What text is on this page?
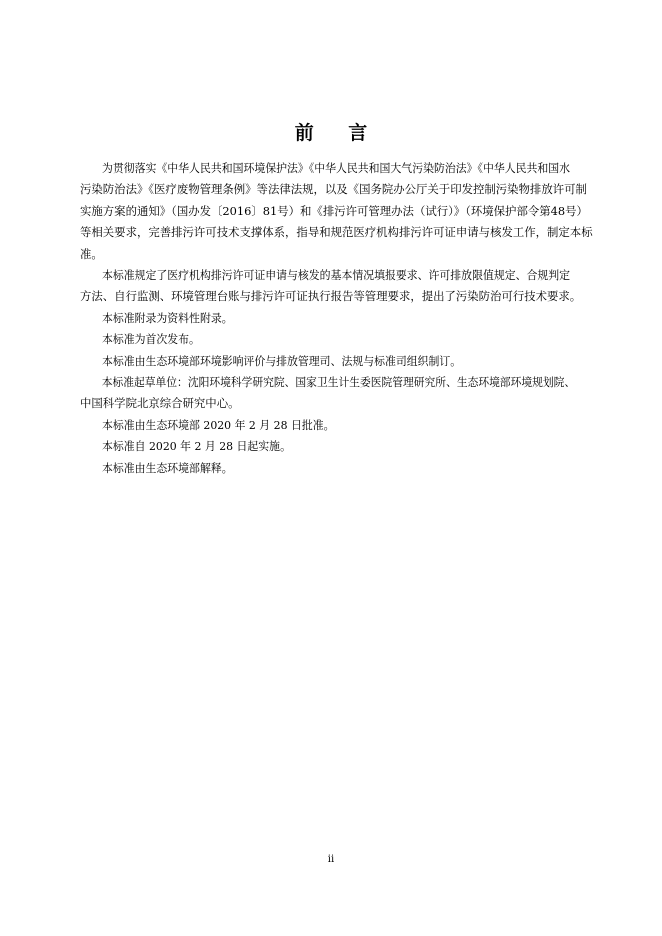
前 言

为贯彻落实《中华人民共和国环境保护法》《中华人民共和国大气污染防治法》《中华人民共和国水
污染防治法》《医疗废物管理条例》等法律法规，以及《国务院办公厅关于印发控制污染物排放许可制
实施方案的通知》（国办发〔2016〕81号）和《排污许可管理办法（试行）》（环境保护部令第48号）
等相关要求，完善排污许可技术支撑体系，指导和规范医疗机构排污许可证申请与核发工作，制定本标
准。

本标准规定了医疗机构排污许可证申请与核发的基本情况填报要求、许可排放限值规定、合规判定
方法、自行监测、环境管理台账与排污许可证执行报告等管理要求，提出了污染防治可行技术要求。

本标准附录为资料性附录。

本标准为首次发布。

本标准由生态环境部环境影响评价与排放管理司、法规与标准司组织制订。

本标准起草单位：沈阳环境科学研究院、国家卫生计生委医院管理研究所、生态环境部环境规划院、
中国科学院北京综合研究中心。

本标准由生态环境部 2020 年 2 月 28 日批准。

本标准自 2020 年 2 月 28 日起实施。

本标准由生态环境部解释。

ii
